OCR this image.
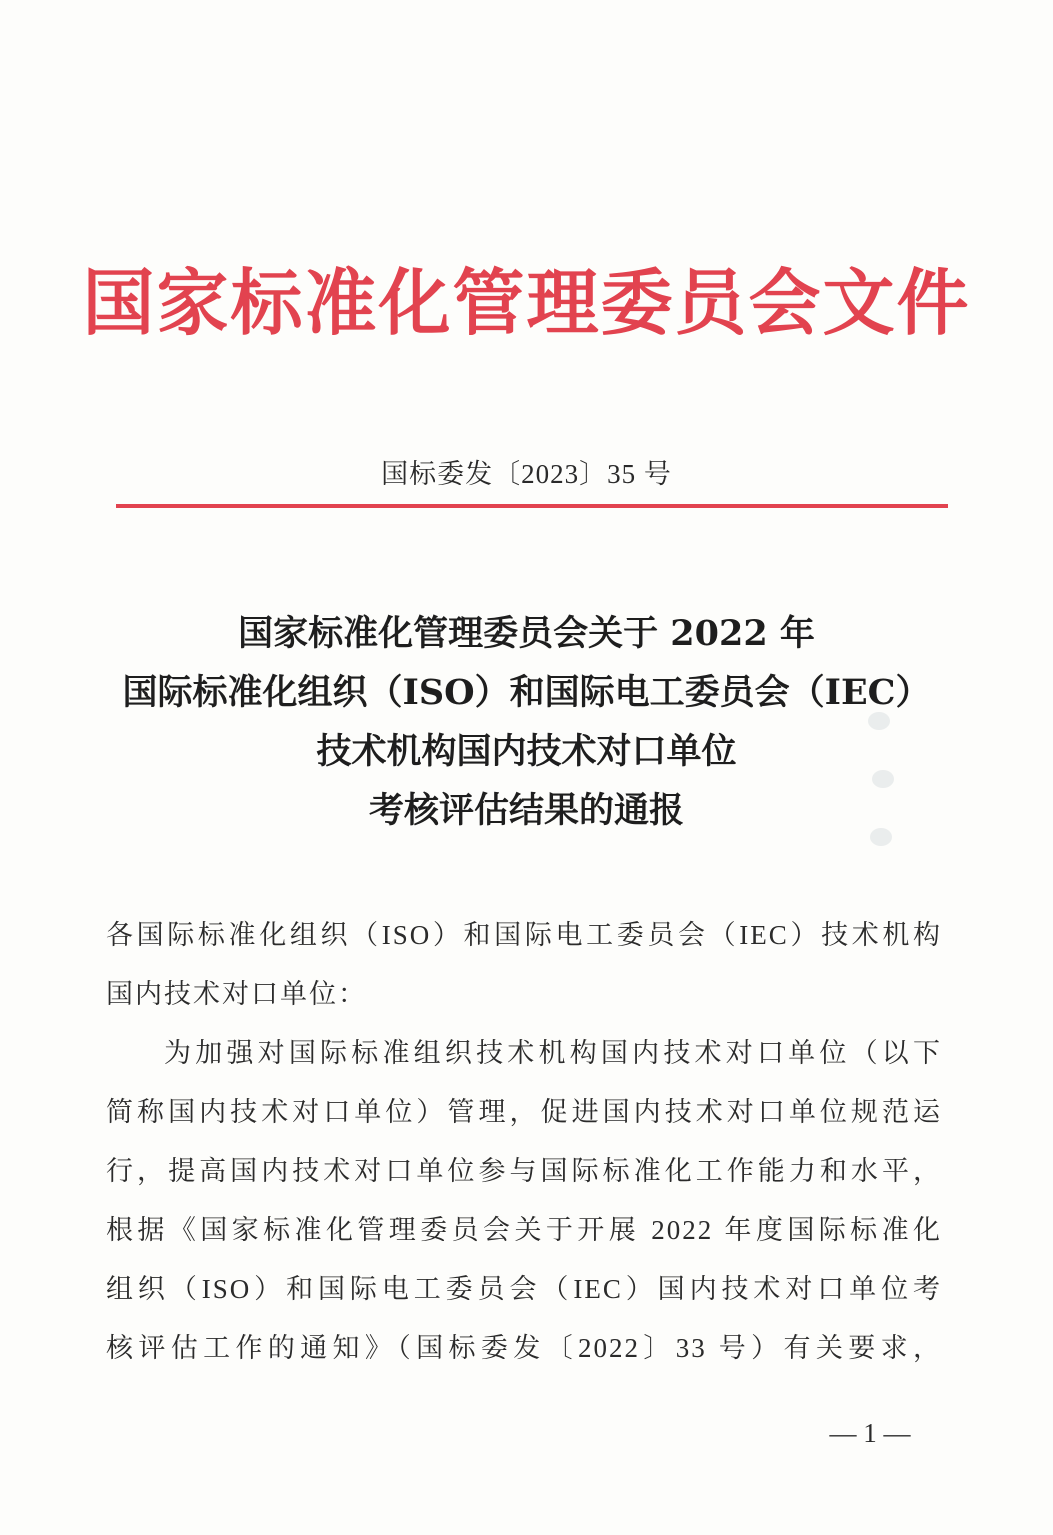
国家标准化管理委员会文件
国标委发〔2023〕35 号
国家标准化管理委员会关于 2022 年
国际标准化组织（ISO）和国际电工委员会（IEC）
技术机构国内技术对口单位
考核评估结果的通报
各国际标准化组织（ISO）和国际电工委员会（IEC）技术机构
国内技术对口单位：
为加强对国际标准组织技术机构国内技术对口单位（以下
简称国内技术对口单位）管理，促进国内技术对口单位规范运
行，提高国内技术对口单位参与国际标准化工作能力和水平，
根据《国家标准化管理委员会关于开展 2022 年度国际标准化
组织（ISO）和国际电工委员会（IEC）国内技术对口单位考
核评估工作的通知》（国标委发〔2022〕33 号）有关要求，
— 1 —
